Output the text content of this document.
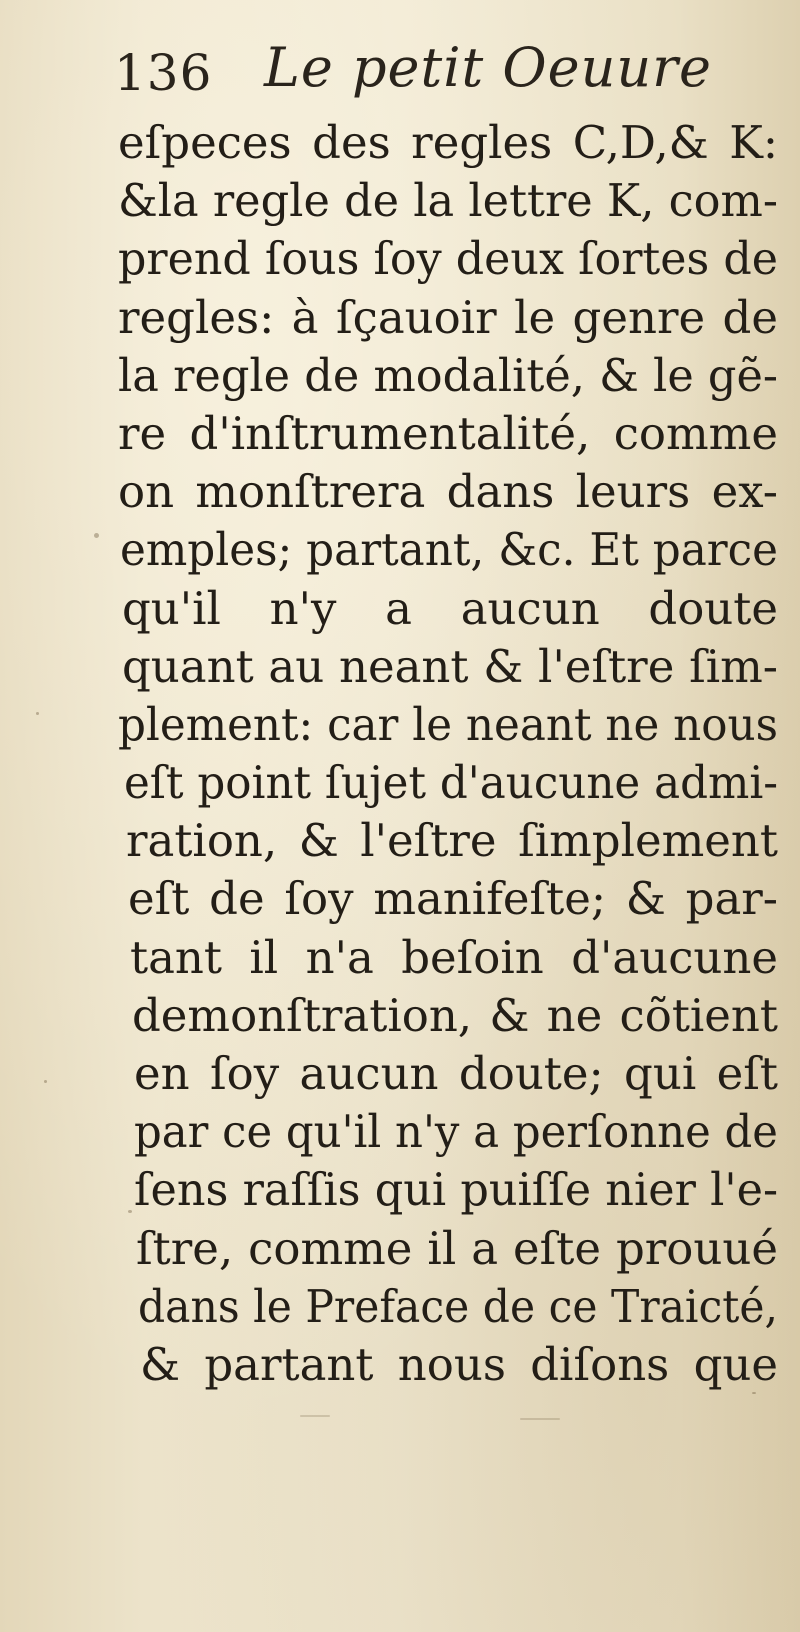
136 Le petit Oeuure
eſpeces des regles C,D,& K:
&la regle de la lettre K, com-
prend ſous ſoy deux ſortes de
regles: à ſçauoir le genre de
la regle de modalité, & le gẽ-
re d'inſtrumentalité, comme
on monſtrera dans leurs ex-
emples; partant, &c. Et parce
qu'il n'y a aucun doute
quant au neant & l'eſtre ſim-
plement: car le neant ne nous
eſt point ſujet d'aucune admi-
ration, & l'eſtre ſimplement
eſt de ſoy manifeſte; & par-
tant il n'a beſoin d'aucune
demonſtration, & ne cõtient
en ſoy aucun doute; qui eſt
par ce qu'il n'y a perſonne de
ſens raſſis qui puiſſe nier l'e-
ſtre, comme il a eſte prouué
dans le Preface de ce Traicté,
& partant nous diſons que
